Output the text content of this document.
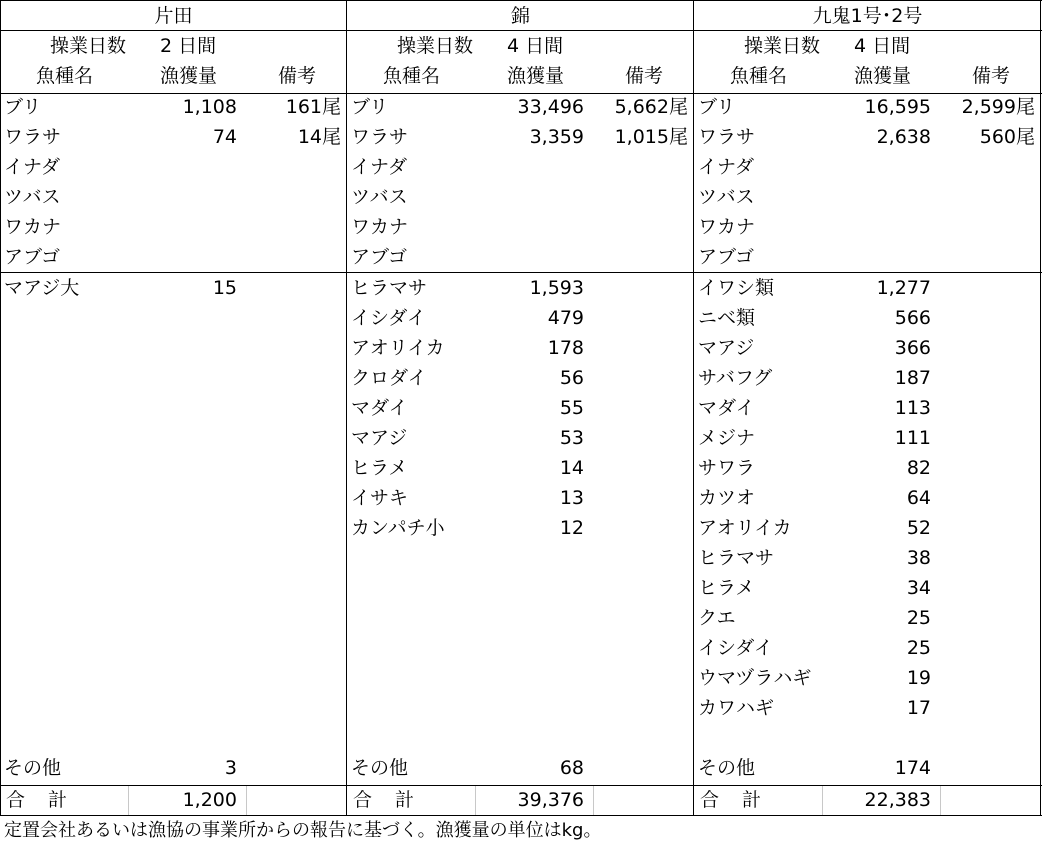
片田
操業日数 2 日間
魚種名	漁獲量	備考
ブリ	1,108	161尾
ワラサ	74	14尾
イナダ
ツバス
ワカナ
アブゴ
マアジ大	15
その他	3
合　計	1,200
錦
操業日数 4 日間
魚種名	漁獲量	備考
ブリ	33,496 5,662尾
ワラサ	3,359 1,015尾
イナダ
ツバス
ワカナ
アブゴ
ヒラマサ	1,593
イシダイ	479
アオリイカ	178
クロダイ	56
マダイ	55
マアジ	53
ヒラメ	14
イサキ	13
カンパチ小	12
その他	68
合　計	39,376
九鬼1号･2号
操業日数 4 日間
魚種名	漁獲量	備考
ブリ	16,595 2,599尾
ワラサ	2,638	560尾
イナダ
ツバス
ワカナ
アブゴ
イワシ類	1,277
ニベ類	566
マアジ	366
サバフグ	187
マダイ	113
メジナ	111
サワラ	82
カツオ	64
アオリイカ	52
ヒラマサ	38
ヒラメ	34
クエ	25
イシダイ	25
ウマヅラハギ	19
カワハギ	17
その他	174
合　計	22,383
定置会社あるいは漁協の事業所からの報告に基づく。漁獲量の単位はkg。
